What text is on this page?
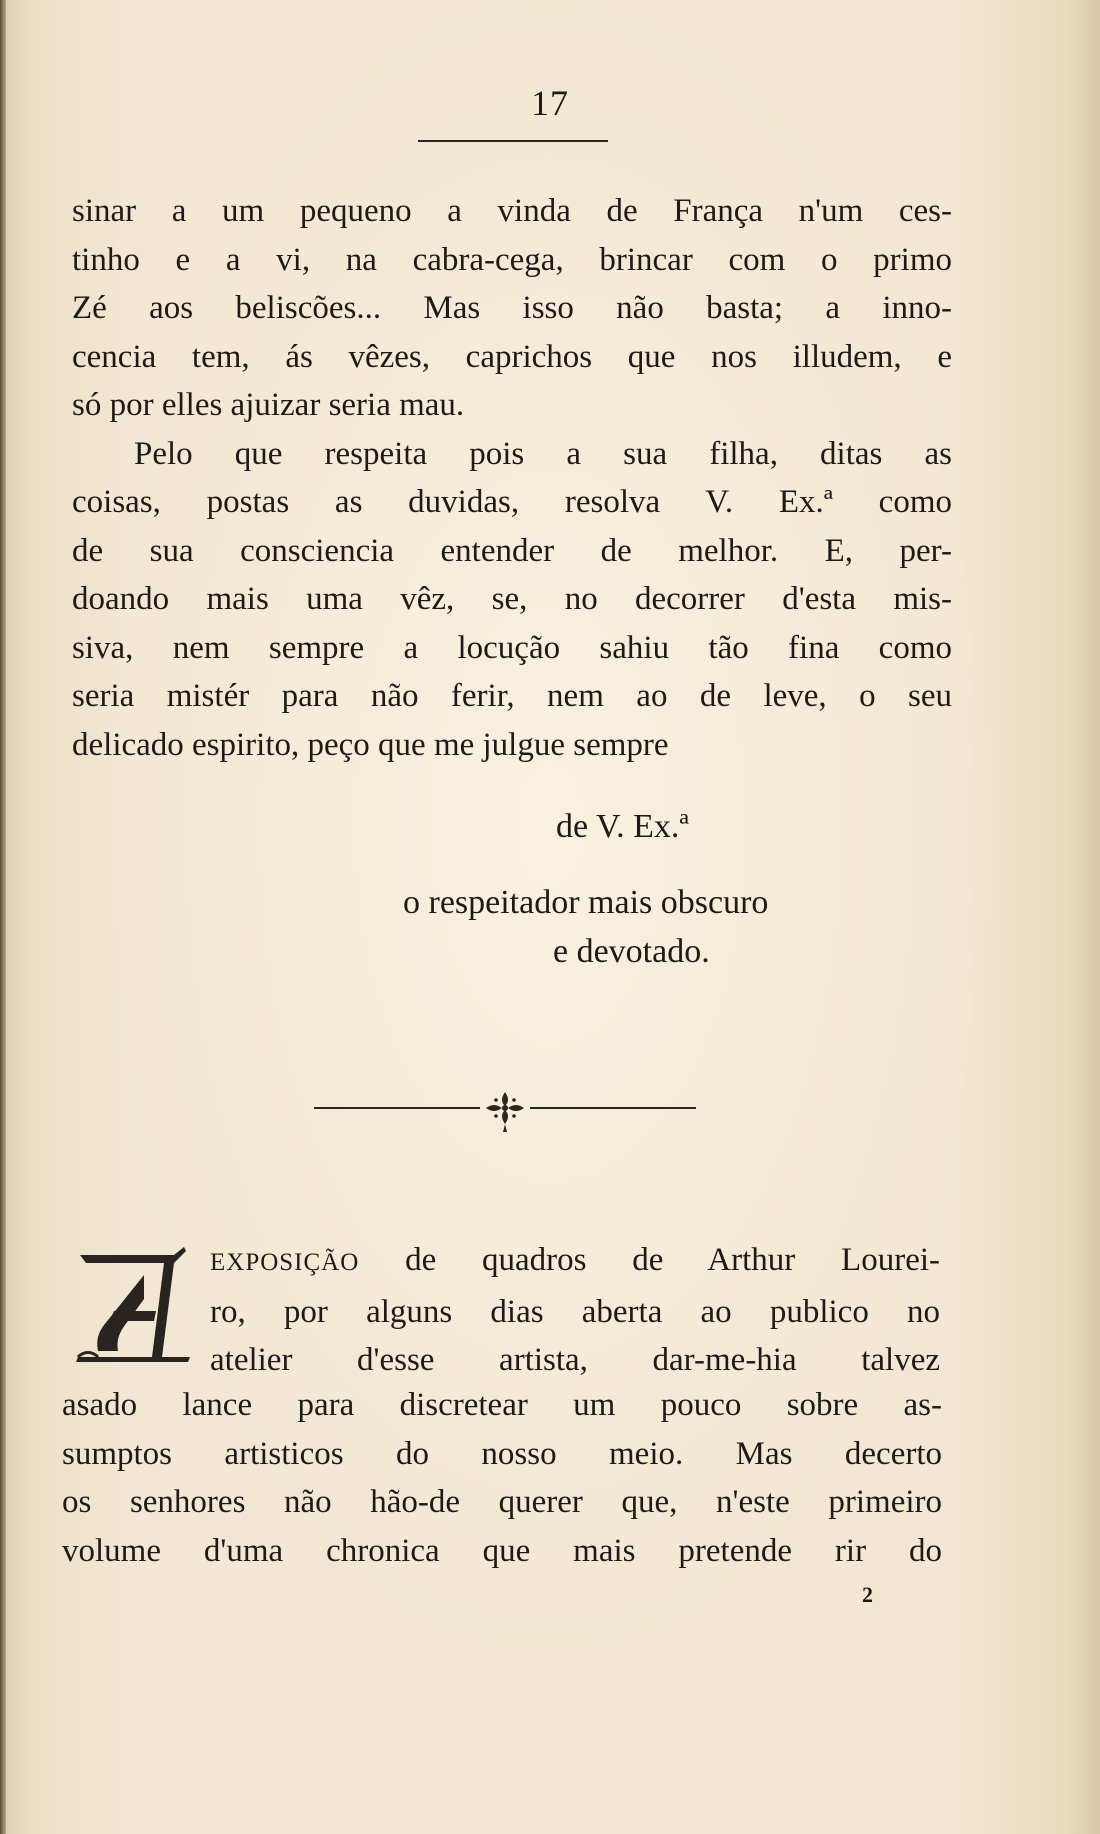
17
sinar a um pequeno a vinda de França n'um ces-
tinho e a vi, na cabra-cega, brincar com o primo
Zé aos beliscões... Mas isso não basta; a inno-
cencia tem, ás vêzes, caprichos que nos illudem, e
só por elles ajuizar seria mau.
Pelo que respeita pois a sua filha, ditas as
coisas, postas as duvidas, resolva V. Ex.ª como
de sua consciencia entender de melhor. E, per-
doando mais uma vêz, se, no decorrer d'esta mis-
siva, nem sempre a locução sahiu tão fina como
seria mistér para não ferir, nem ao de leve, o seu
delicado espirito, peço que me julgue sempre
de V. Ex.ª
o respeitador mais obscuro
e devotado.
EXPOSIÇÃO de quadros de Arthur Lourei-
ro, por alguns dias aberta ao publico no
atelier d'esse artista, dar-me-hia talvez
asado lance para discretear um pouco sobre as-
sumptos artisticos do nosso meio. Mas decerto
os senhores não hão-de querer que, n'este primeiro
volume d'uma chronica que mais pretende rir do
2
